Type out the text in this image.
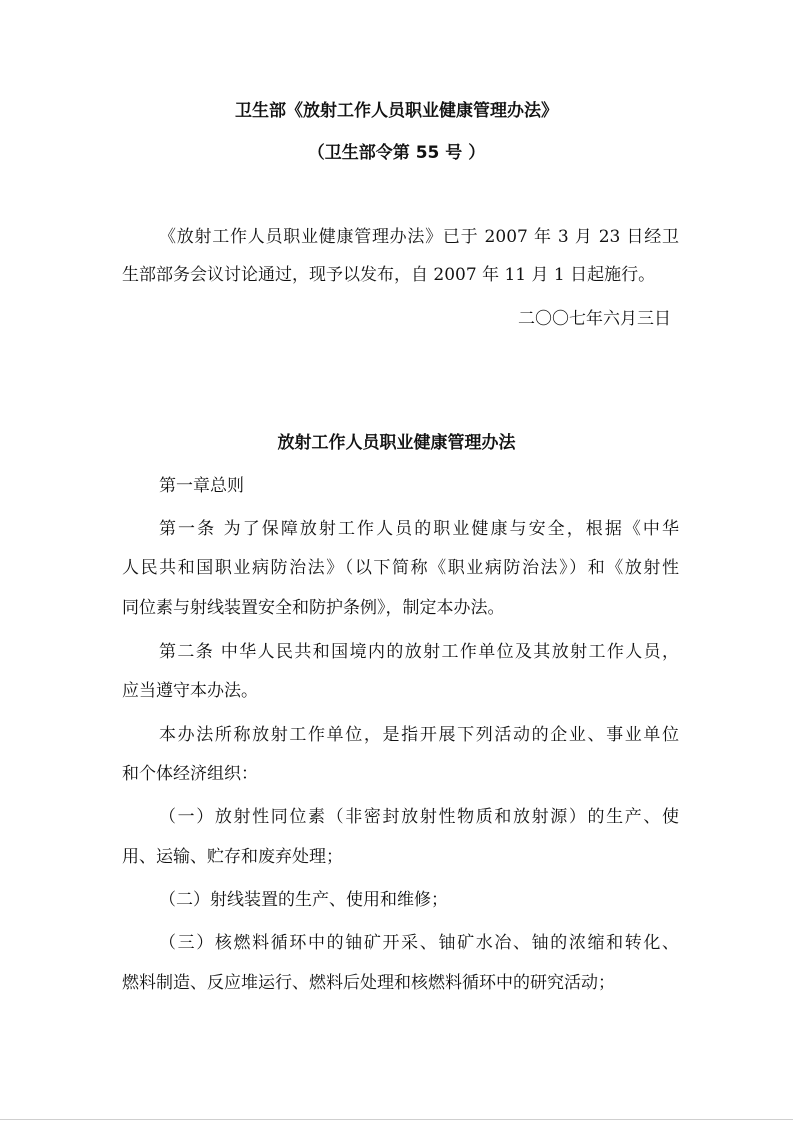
卫生部《放射工作人员职业健康管理办法》
（卫生部令第 55 号 ）
《放射工作人员职业健康管理办法》已于 2007 年 3 月 23 日经卫
生部部务会议讨论通过，现予以发布，自 2007 年 11 月 1 日起施行。
二〇〇七年六月三日
放射工作人员职业健康管理办法
第一章总则
第一条 为了保障放射工作人员的职业健康与安全，根据《中华
人民共和国职业病防治法》（以下简称《职业病防治法》）和《放射性
同位素与射线装置安全和防护条例》，制定本办法。
第二条 中华人民共和国境内的放射工作单位及其放射工作人员，
应当遵守本办法。
本办法所称放射工作单位，是指开展下列活动的企业、事业单位
和个体经济组织：
（一）放射性同位素（非密封放射性物质和放射源）的生产、使
用、运输、贮存和废弃处理；
（二）射线装置的生产、使用和维修；
（三）核燃料循环中的铀矿开采、铀矿水冶、铀的浓缩和转化、
燃料制造、反应堆运行、燃料后处理和核燃料循环中的研究活动；
